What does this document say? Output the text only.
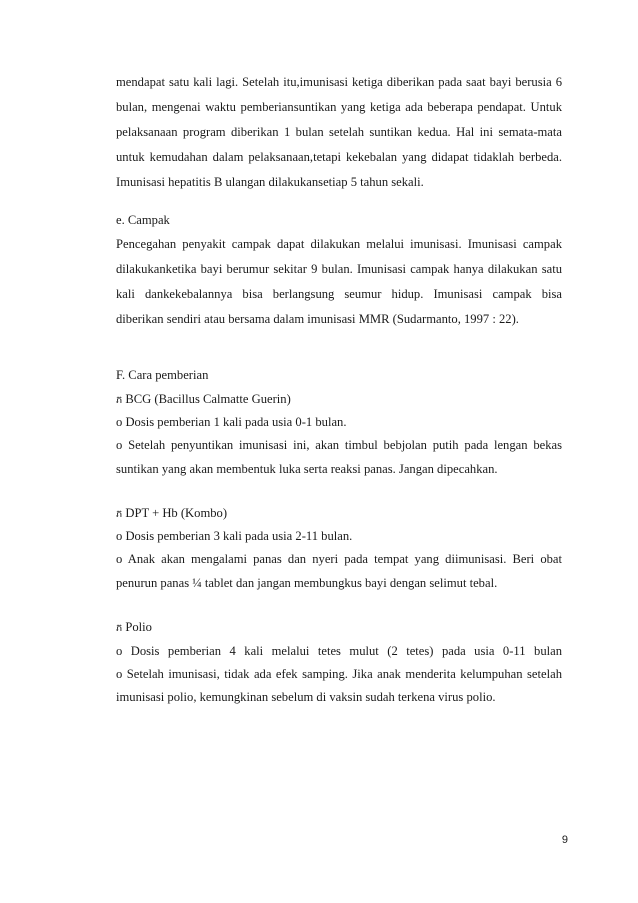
mendapat satu kali lagi. Setelah itu,imunisasi ketiga diberikan pada saat bayi berusia 6
bulan, mengenai waktu pemberiansuntikan yang ketiga ada beberapa pendapat. Untuk
pelaksanaan program diberikan 1 bulan setelah suntikan kedua. Hal ini semata-mata
untuk kemudahan dalam pelaksanaan,tetapi kekebalan yang didapat tidaklah berbeda.
Imunisasi hepatitis B ulangan dilakukansetiap 5 tahun sekali.
e. Campak
Pencegahan penyakit campak dapat dilakukan melalui imunisasi. Imunisasi campak
dilakukanketika bayi berumur sekitar 9 bulan. Imunisasi campak hanya dilakukan satu
kali dankekebalannya bisa berlangsung seumur hidup. Imunisasi campak bisa
diberikan sendiri atau bersama dalam imunisasi MMR (Sudarmanto, 1997 : 22).
F. Cara pemberian
ភ BCG (Bacillus Calmatte Guerin)
o Dosis pemberian 1 kali pada usia 0-1 bulan.
o Setelah penyuntikan imunisasi ini, akan timbul bebjolan putih pada lengan bekas
suntikan yang akan membentuk luka serta reaksi panas. Jangan dipecahkan.
ភ DPT + Hb (Kombo)
o Dosis pemberian 3 kali pada usia 2-11 bulan.
o Anak akan mengalami panas dan nyeri pada tempat yang diimunisasi. Beri obat
penurun panas ¼ tablet dan jangan membungkus bayi dengan selimut tebal.
ភ Polio
o Dosis pemberian 4 kali melalui tetes mulut (2 tetes) pada usia 0-11 bulan
o Setelah imunisasi, tidak ada efek samping. Jika anak menderita kelumpuhan setelah
imunisasi polio, kemungkinan sebelum di vaksin sudah terkena virus polio.
9
